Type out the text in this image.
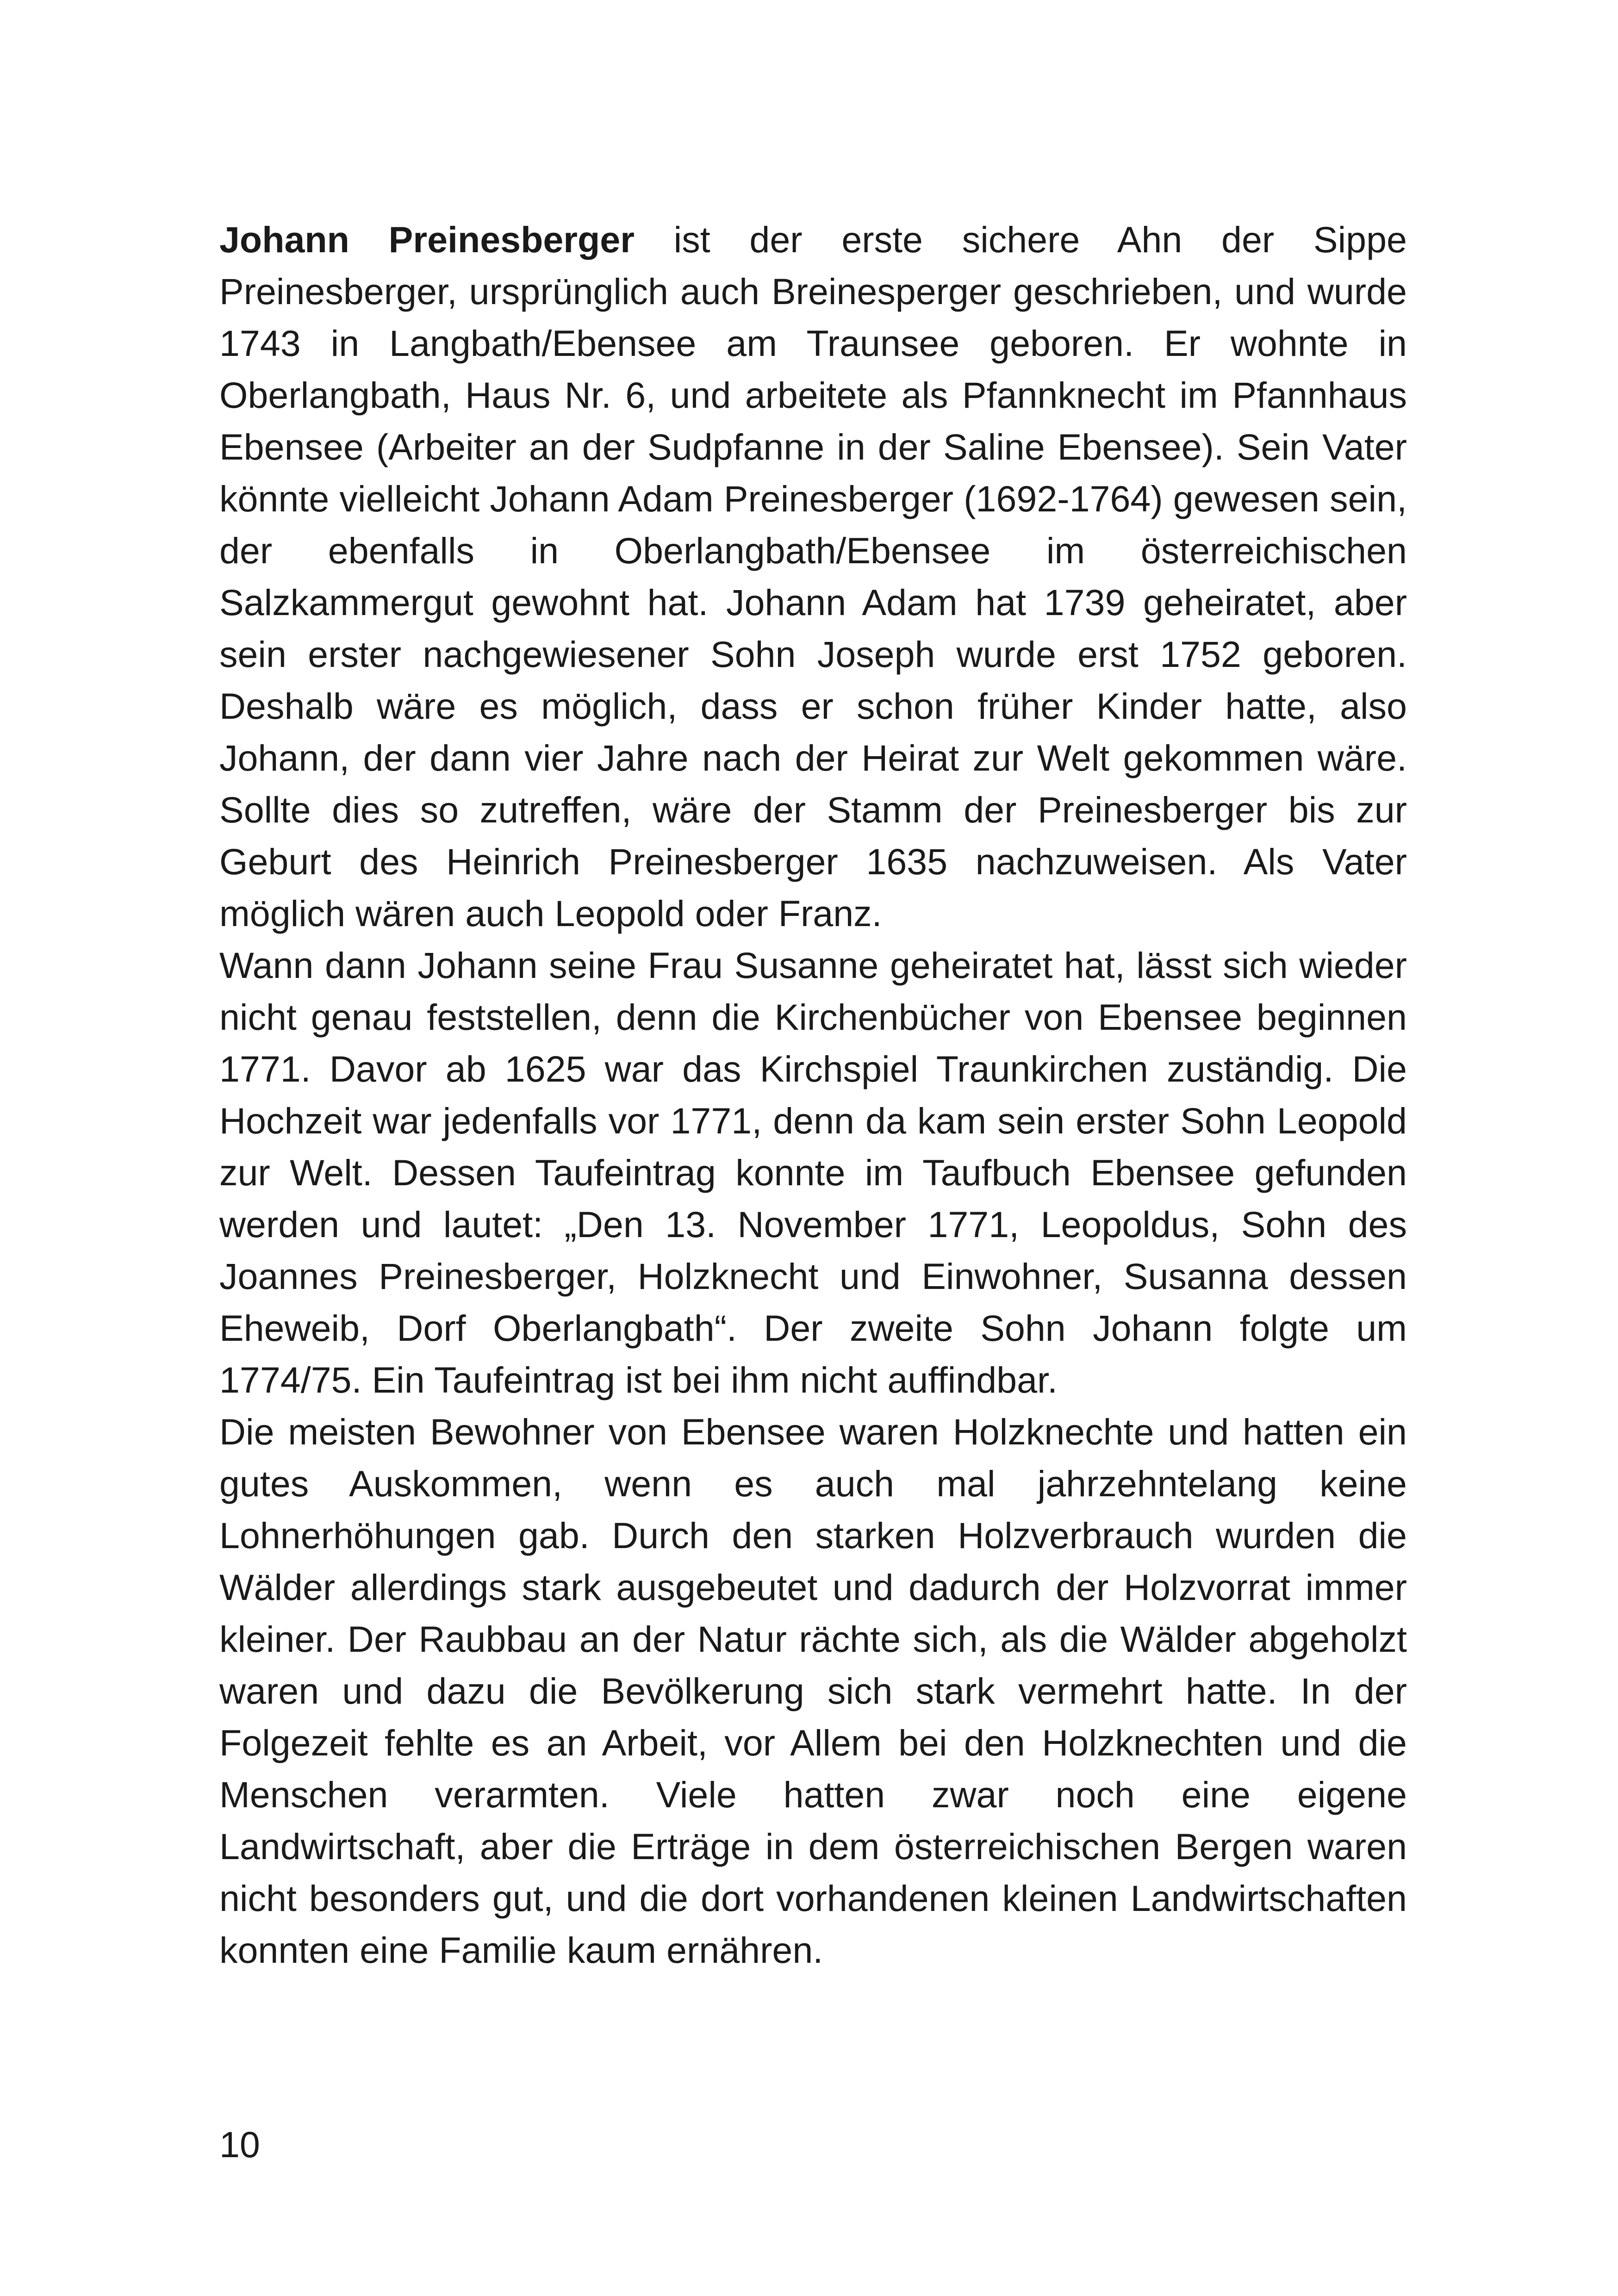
Johann Preinesberger ist der erste sichere Ahn der Sippe Preinesberger, ursprünglich auch Breinesperger geschrieben, und wurde 1743 in Langbath/Ebensee am Traunsee geboren. Er wohnte in Oberlangbath, Haus Nr. 6, und arbeitete als Pfannknecht im Pfannhaus Ebensee (Arbeiter an der Sudpfanne in der Saline Ebensee). Sein Vater könnte vielleicht Johann Adam Preinesberger (1692-1764) gewesen sein, der ebenfalls in Oberlangbath/Ebensee im österreichischen Salzkammergut gewohnt hat. Johann Adam hat 1739 geheiratet, aber sein erster nachgewiesener Sohn Joseph wurde erst 1752 geboren. Deshalb wäre es möglich, dass er schon früher Kinder hatte, also Johann, der dann vier Jahre nach der Heirat zur Welt gekommen wäre. Sollte dies so zutreffen, wäre der Stamm der Preinesberger bis zur Geburt des Heinrich Preinesberger 1635 nachzuweisen. Als Vater möglich wären auch Leopold oder Franz.

Wann dann Johann seine Frau Susanne geheiratet hat, lässt sich wieder nicht genau feststellen, denn die Kirchenbücher von Ebensee beginnen 1771. Davor ab 1625 war das Kirchspiel Traunkirchen zuständig. Die Hochzeit war jedenfalls vor 1771, denn da kam sein erster Sohn Leopold zur Welt. Dessen Taufeintrag konnte im Taufbuch Ebensee gefunden werden und lautet: „Den 13. November 1771, Leopoldus, Sohn des Joannes Preinesberger, Holzknecht und Einwohner, Susanna dessen Eheweib, Dorf Oberlangbath“. Der zweite Sohn Johann folgte um 1774/75. Ein Taufeintrag ist bei ihm nicht auffindbar.

Die meisten Bewohner von Ebensee waren Holzknechte und hatten ein gutes Auskommen, wenn es auch mal jahrzehntelang keine Lohnerhöhungen gab. Durch den starken Holzverbrauch wurden die Wälder allerdings stark ausgebeutet und dadurch der Holzvorrat immer kleiner. Der Raubbau an der Natur rächte sich, als die Wälder abgeholzt waren und dazu die Bevölkerung sich stark vermehrt hatte. In der Folgezeit fehlte es an Arbeit, vor Allem bei den Holzknechten und die Menschen verarmten. Viele hatten zwar noch eine eigene Landwirtschaft, aber die Erträge in dem österreichischen Bergen waren nicht besonders gut, und die dort vorhandenen kleinen Landwirtschaften konnten eine Familie kaum ernähren.

10
